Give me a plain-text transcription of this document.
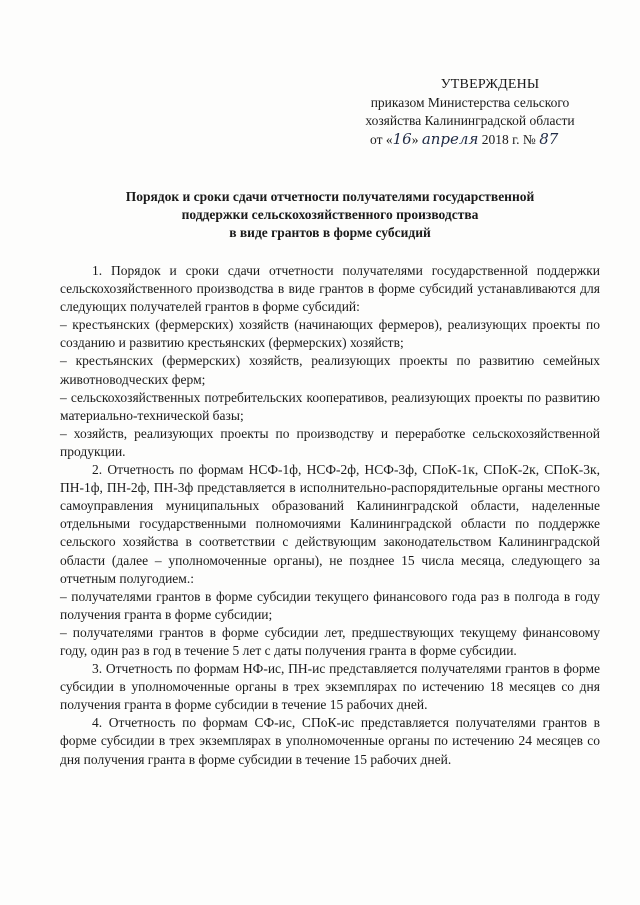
УТВЕРЖДЕНЫ
приказом Министерства сельского
хозяйства Калининградской области
от «16» апреля 2018 г. № 87
Порядок и сроки сдачи отчетности получателями государственной
поддержки сельскохозяйственного производства
в виде грантов в форме субсидий

1. Порядок и сроки сдачи отчетности получателями государственной поддержки сельскохозяйственного производства в виде грантов в форме субсидий устанавливаются для следующих получателей грантов в форме субсидий:

– крестьянских (фермерских) хозяйств (начинающих фермеров), реализующих проекты по созданию и развитию крестьянских (фермерских) хозяйств;

– крестьянских (фермерских) хозяйств, реализующих проекты по развитию семейных животноводческих ферм;

– сельскохозяйственных потребительских кооперативов, реализующих проекты по развитию материально-технической базы;

– хозяйств, реализующих проекты по производству и переработке сельскохозяйственной продукции.

2. Отчетность по формам НСФ-1ф, НСФ-2ф, НСФ-3ф, СПоК-1к, СПоК-2к, СПоК-3к, ПН-1ф, ПН-2ф, ПН-3ф представляется в исполнительно-распорядительные органы местного самоуправления муниципальных образований Калининградской области, наделенные отдельными государственными полномочиями Калининградской области по поддержке сельского хозяйства в соответствии с действующим законодательством Калининградской области (далее – уполномоченные органы), не позднее 15 числа месяца, следующего за отчетным полугодием.:

– получателями грантов в форме субсидии текущего финансового года раз в полгода в году получения гранта в форме субсидии;

– получателями грантов в форме субсидии лет, предшествующих текущему финансовому году, один раз в год в течение 5 лет с даты получения гранта в форме субсидии.

3. Отчетность по формам НФ-ис, ПН-ис представляется получателями грантов в форме субсидии в уполномоченные органы в трех экземплярах по истечению 18 месяцев со дня получения гранта в форме субсидии в течение 15 рабочих дней.

4. Отчетность по формам СФ-ис, СПоК-ис представляется получателями грантов в форме субсидии в трех экземплярах в уполномоченные органы по истечению 24 месяцев со дня получения гранта в форме субсидии в течение 15 рабочих дней.
